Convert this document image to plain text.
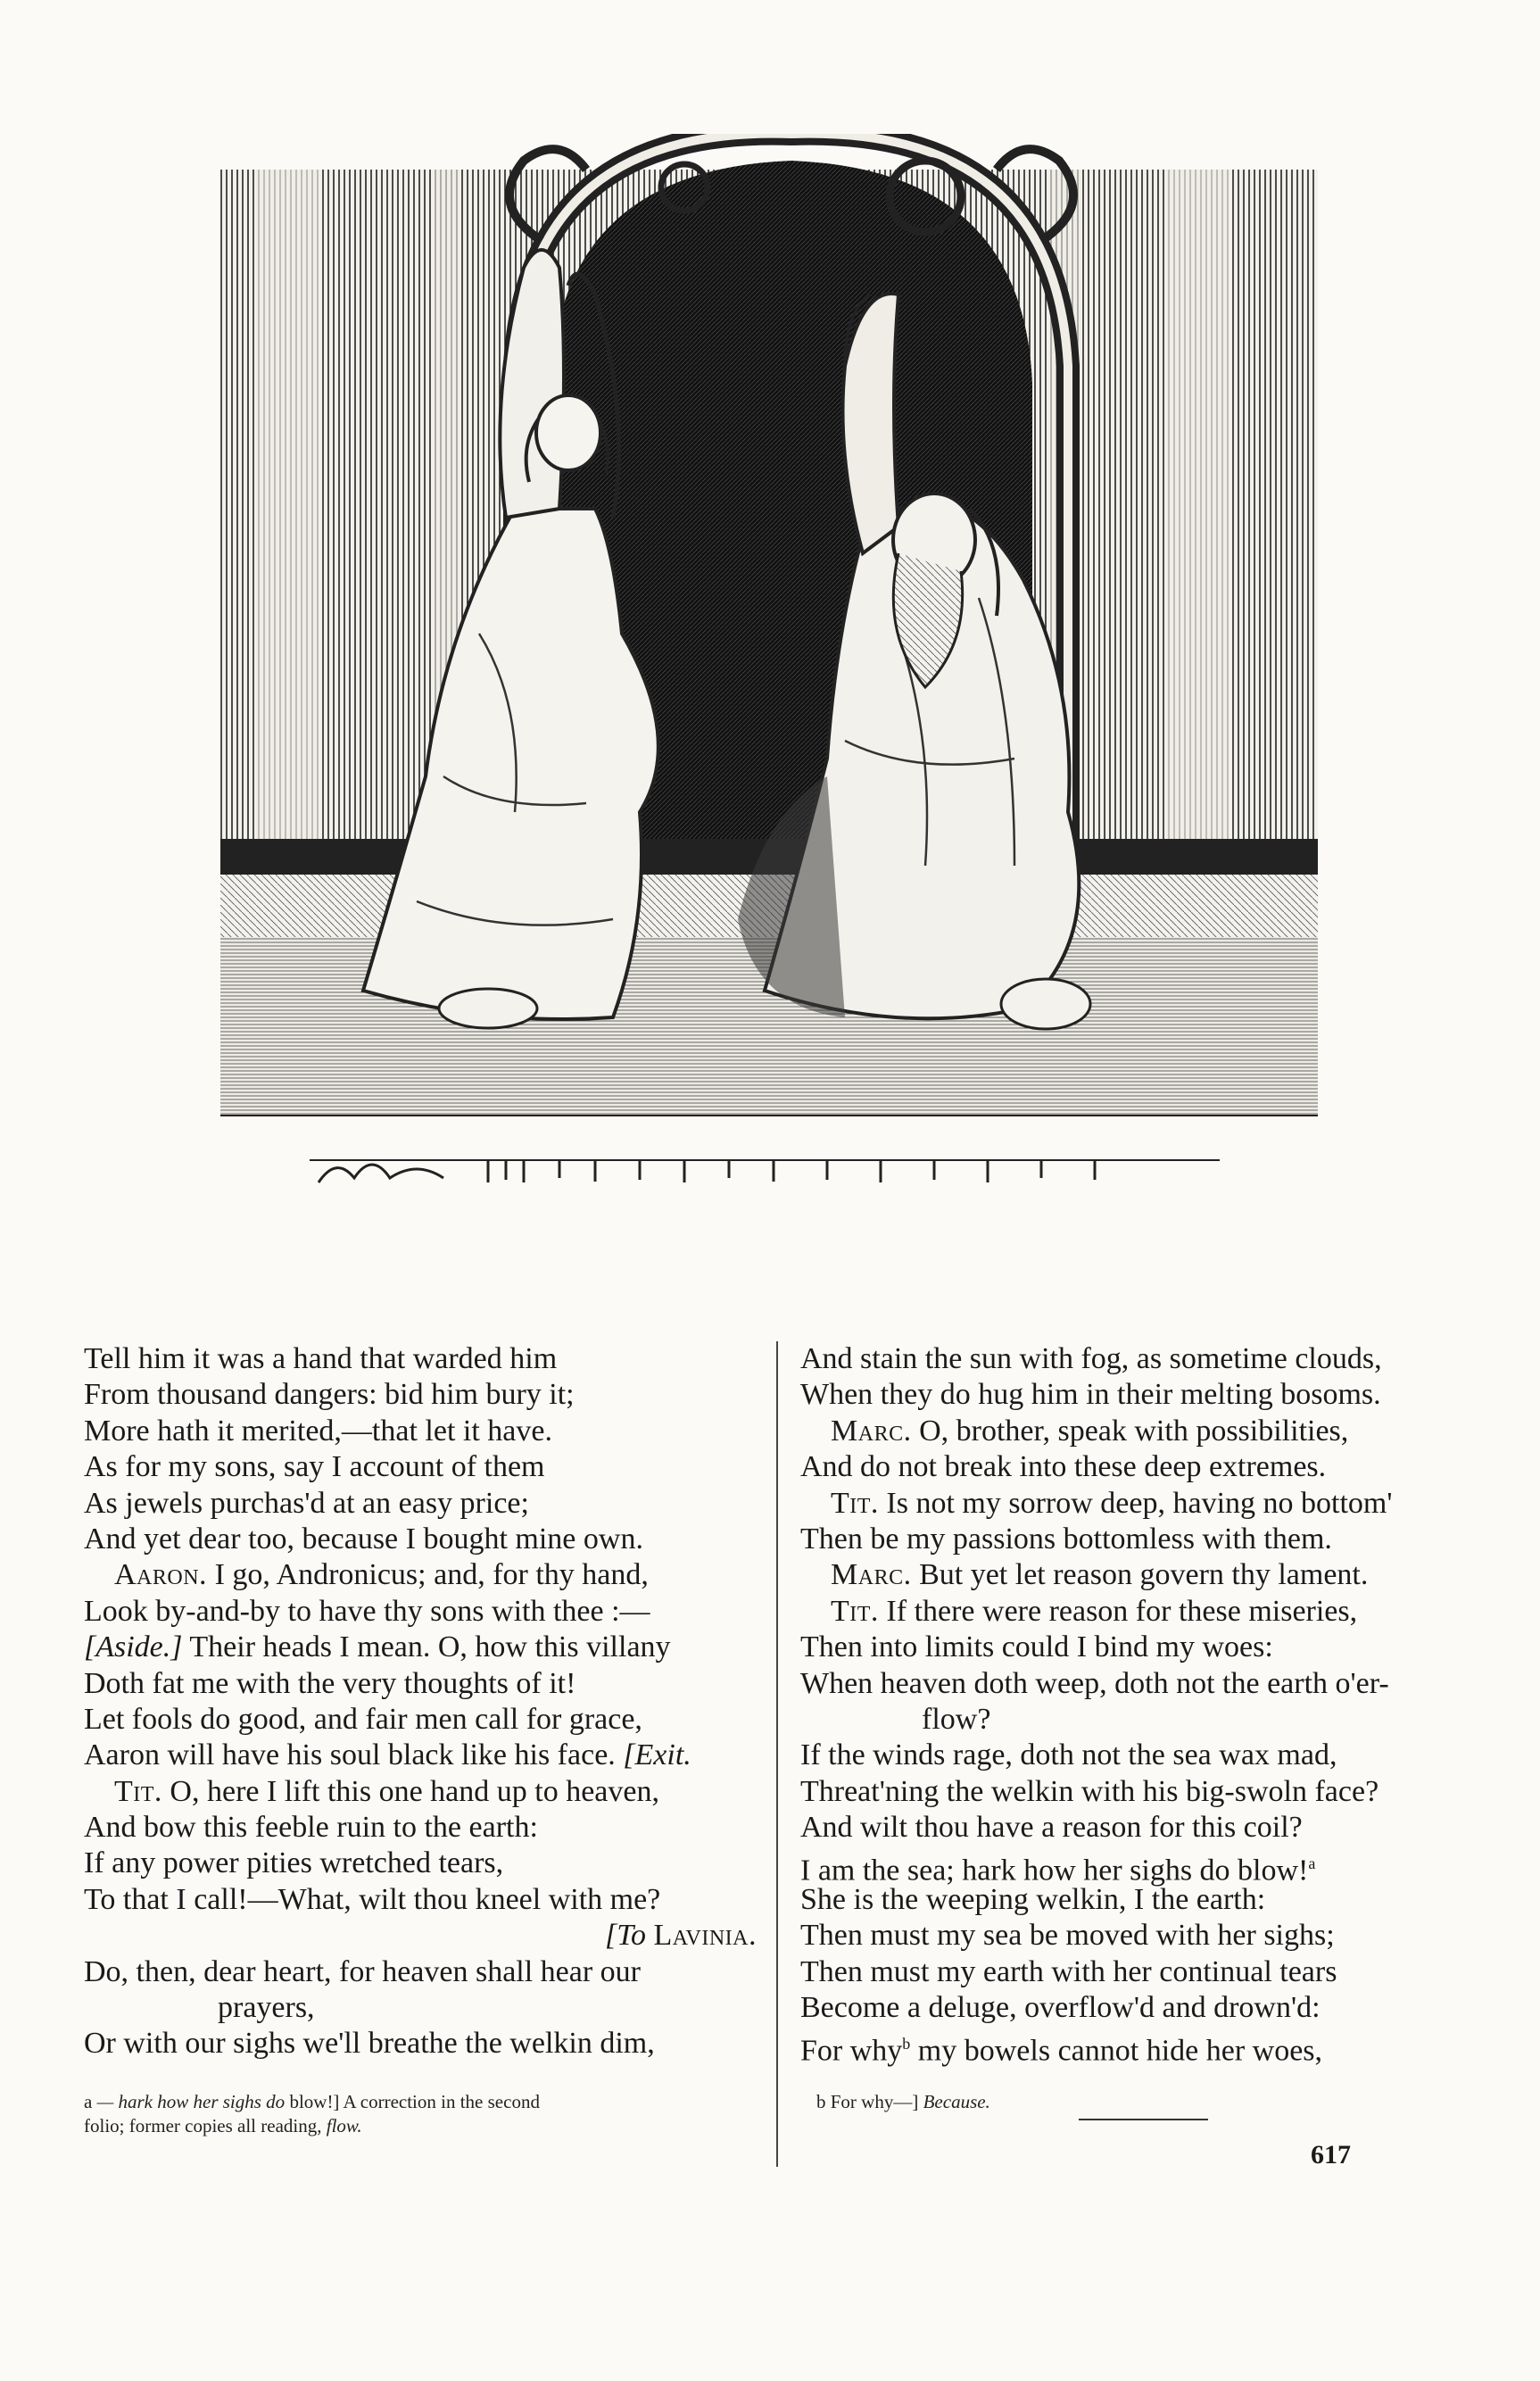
Tell him it was a hand that warded him
From thousand dangers: bid him bury it;
More hath it merited,—that let it have.
As for my sons, say I account of them
As jewels purchas'd at an easy price;
And yet dear too, because I bought mine own.
Aaron. I go, Andronicus; and, for thy hand,
Look by-and-by to have thy sons with thee :—
[Aside.] Their heads I mean. O, how this villany
Doth fat me with the very thoughts of it!
Let fools do good, and fair men call for grace,
Aaron will have his soul black like his face. [Exit.
Tit. O, here I lift this one hand up to heaven,
And bow this feeble ruin to the earth:
If any power pities wretched tears,
To that I call!—What, wilt thou kneel with me?
[To Lavinia.
Do, then, dear heart, for heaven shall hear our
prayers,
Or with our sighs we'll breathe the welkin dim,
And stain the sun with fog, as sometime clouds,
When they do hug him in their melting bosoms.
Marc. O, brother, speak with possibilities,
And do not break into these deep extremes.
Tit. Is not my sorrow deep, having no bottom'
Then be my passions bottomless with them.
Marc. But yet let reason govern thy lament.
Tit. If there were reason for these miseries,
Then into limits could I bind my woes:
When heaven doth weep, doth not the earth o'er-
flow?
If the winds rage, doth not the sea wax mad,
Threat'ning the welkin with his big-swoln face?
And wilt thou have a reason for this coil?
I am the sea; hark how her sighs do blow!$^a$
She is the weeping welkin, I the earth:
Then must my sea be moved with her sighs;
Then must my earth with her continual tears
Become a deluge, overflow'd and drown'd:
For why$^b$ my bowels cannot hide her woes,
a — hark how her sighs do blow!] A correction in the second
folio; former copies all reading, flow.
b For why—] Because.
617
